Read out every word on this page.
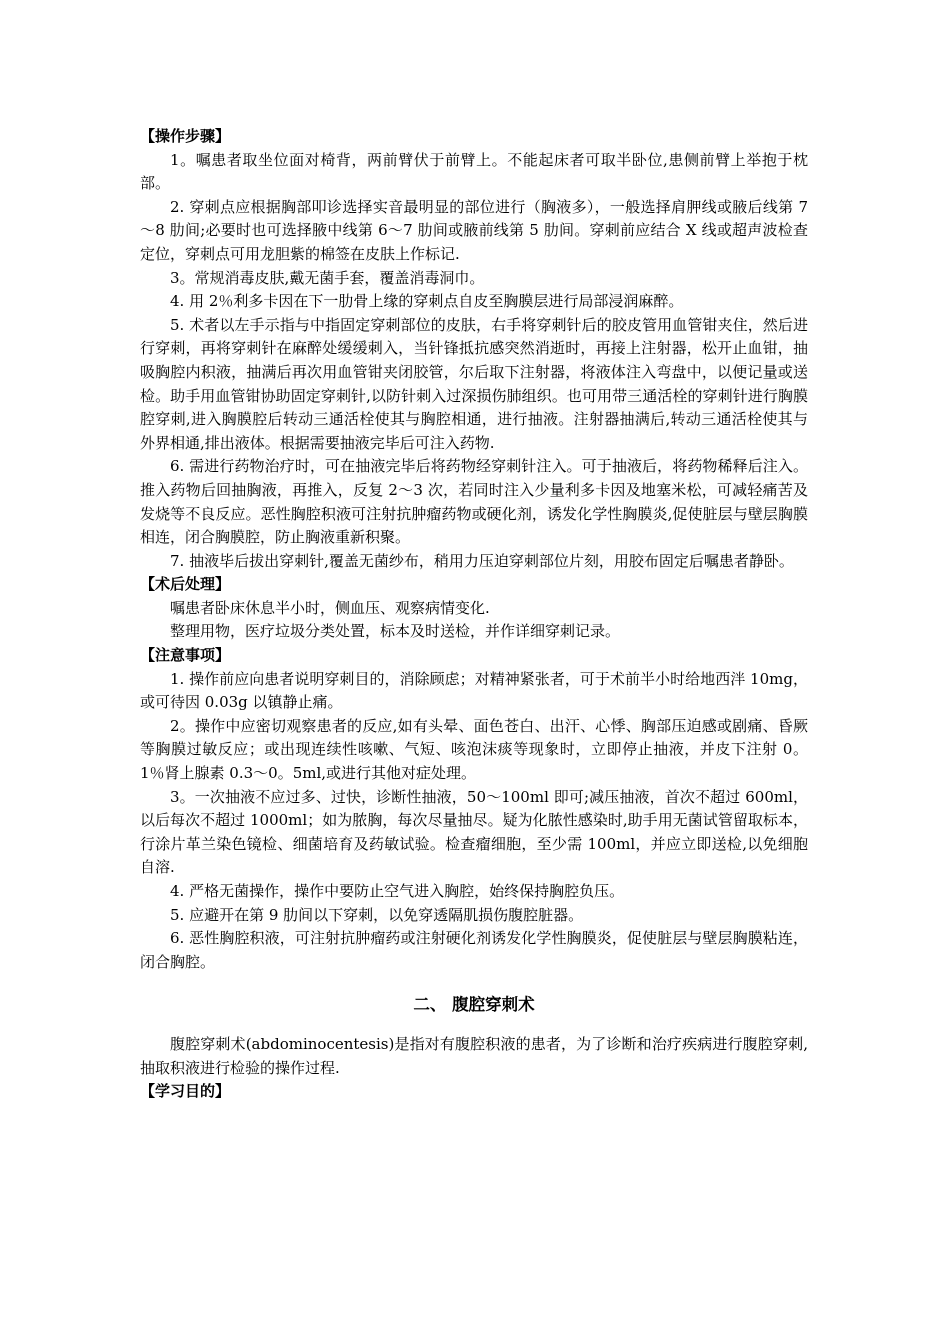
【操作步骤】

1。嘱患者取坐位面对椅背，两前臂伏于前臂上。不能起床者可取半卧位,患侧前臂上举抱于枕部。

2. 穿刺点应根据胸部叩诊选择实音最明显的部位进行（胸液多），一般选择肩胛线或腋后线第 7～8 肋间;必要时也可选择腋中线第 6～7 肋间或腋前线第 5 肋间。穿刺前应结合 X 线或超声波检查定位，穿刺点可用龙胆紫的棉签在皮肤上作标记.

3。常规消毒皮肤,戴无菌手套，覆盖消毒洞巾。

4. 用 2％利多卡因在下一肋骨上缘的穿刺点自皮至胸膜层进行局部浸润麻醉。

5. 术者以左手示指与中指固定穿刺部位的皮肤，右手将穿刺针后的胶皮管用血管钳夹住，然后进行穿刺，再将穿刺针在麻醉处缓缓刺入，当针锋抵抗感突然消逝时，再接上注射器，松开止血钳，抽吸胸腔内积液，抽满后再次用血管钳夹闭胶管，尔后取下注射器，将液体注入弯盘中，以便记量或送检。助手用血管钳协助固定穿刺针,以防针刺入过深损伤肺组织。也可用带三通活栓的穿刺针进行胸膜腔穿刺,进入胸膜腔后转动三通活栓使其与胸腔相通，进行抽液。注射器抽满后,转动三通活栓使其与外界相通,排出液体。根据需要抽液完毕后可注入药物.

6. 需进行药物治疗时，可在抽液完毕后将药物经穿刺针注入。可于抽液后，将药物稀释后注入。推入药物后回抽胸液，再推入，反复 2～3 次，若同时注入少量利多卡因及地塞米松，可减轻痛苦及发烧等不良反应。恶性胸腔积液可注射抗肿瘤药物或硬化剂，诱发化学性胸膜炎,促使脏层与壁层胸膜相连，闭合胸膜腔，防止胸液重新积聚。

7. 抽液毕后拔出穿刺针,覆盖无菌纱布，稍用力压迫穿刺部位片刻，用胶布固定后嘱患者静卧。

【术后处理】

嘱患者卧床休息半小时，侧血压、观察病情变化.

整理用物，医疗垃圾分类处置，标本及时送检，并作详细穿刺记录。

【注意事项】

1. 操作前应向患者说明穿刺目的，消除顾虑；对精神紧张者，可于术前半小时给地西泮 10mg，或可待因 0.03g 以镇静止痛。

2。操作中应密切观察患者的反应,如有头晕、面色苍白、出汗、心悸、胸部压迫感或剧痛、昏厥等胸膜过敏反应；或出现连续性咳嗽、气短、咳泡沫痰等现象时，立即停止抽液，并皮下注射 0。1％肾上腺素 0.3～0。5ml,或进行其他对症处理。

3。一次抽液不应过多、过快，诊断性抽液，50～100ml 即可;减压抽液，首次不超过 600ml，以后每次不超过 1000ml；如为脓胸，每次尽量抽尽。疑为化脓性感染时,助手用无菌试管留取标本，行涂片革兰染色镜检、细菌培育及药敏试验。检查瘤细胞，至少需 100ml，并应立即送检,以免细胞自溶.

4. 严格无菌操作，操作中要防止空气进入胸腔，始终保持胸腔负压。

5. 应避开在第 9 肋间以下穿刺，以免穿透隔肌损伤腹腔脏器。

6. 恶性胸腔积液，可注射抗肿瘤药或注射硬化剂诱发化学性胸膜炎，促使脏层与壁层胸膜粘连，闭合胸腔。

二、 腹腔穿刺术

腹腔穿刺术(abdominocentesis)是指对有腹腔积液的患者，为了诊断和治疗疾病进行腹腔穿刺,抽取积液进行检验的操作过程.

【学习目的】
